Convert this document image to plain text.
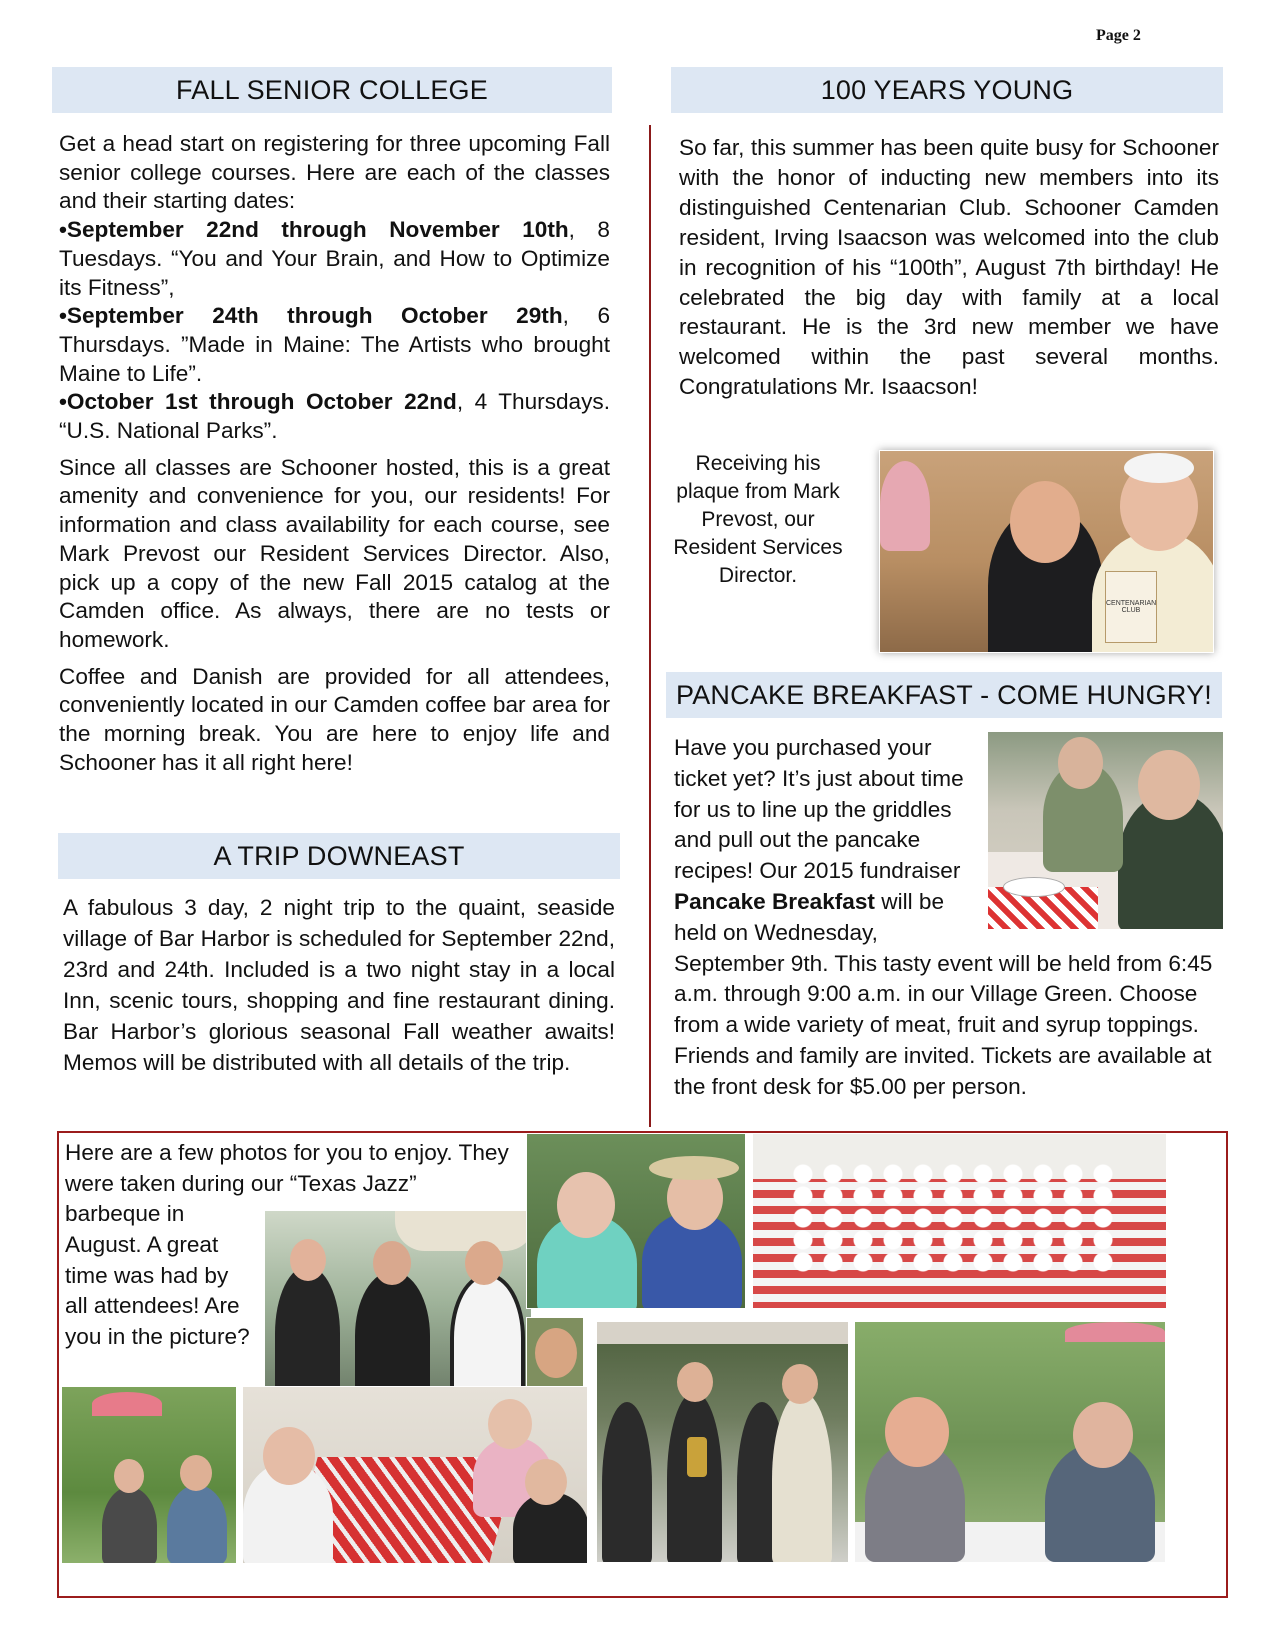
Page 2
FALL SENIOR COLLEGE

Get a head start on registering for three upcoming Fall senior college courses. Here are each of the classes and their starting dates:

•September 22nd through November 10th, 8 Tuesdays. “You and Your Brain, and How to Optimize its Fitness”,

•September 24th through October 29th, 6 Thursdays. ”Made in Maine: The Artists who brought Maine to Life”.

•October 1st through October 22nd, 4 Thursdays. “U.S. National Parks”.

Since all classes are Schooner hosted, this is a great amenity and convenience for you, our residents! For information and class availability for each course, see Mark Prevost our Resident Services Director. Also, pick up a copy of the new Fall 2015 catalog at the Camden office. As always, there are no tests or homework.

Coffee and Danish are provided for all attendees, conveniently located in our Camden coffee bar area for the morning break. You are here to enjoy life and Schooner has it all right here!

A TRIP DOWNEAST
A fabulous 3 day, 2 night trip to the quaint, seaside village of Bar Harbor is scheduled for September 22nd, 23rd and 24th. Included is a two night stay in a local Inn, scenic tours, shopping and fine restaurant dining. Bar Harbor’s glorious seasonal Fall weather awaits! Memos will be distributed with all details of the trip.
100 YEARS YOUNG
So far, this summer has been quite busy for Schooner with the honor of inducting new members into its distinguished Centenarian Club. Schooner Camden resident, Irving Isaacson was welcomed into the club in recognition of his “100th”, August 7th birthday! He celebrated the big day with family at a local restaurant. He is the 3rd new member we have welcomed within the past several months. Congratulations Mr. Isaacson!
Receiving his plaque from Mark Prevost, our Resident Services Director.
CENTENARIAN CLUB
PANCAKE BREAKFAST - COME HUNGRY!
Have you purchased your ticket yet? It’s just about time for us to line up the griddles and pull out the pancake recipes! Our 2015 fundraiser Pancake Breakfast will be held on Wednesday, September 9th. This tasty event will be held from 6:45 a.m. through 9:00 a.m. in our Village Green. Choose from a wide variety of meat, fruit and syrup toppings. Friends and family are invited. Tickets are available at the front desk for $5.00 per person.
Here are a few photos for you to enjoy. They were taken during our “Texas Jazz”
barbeque in August. A great time was had by all attendees! Are you in the picture?
